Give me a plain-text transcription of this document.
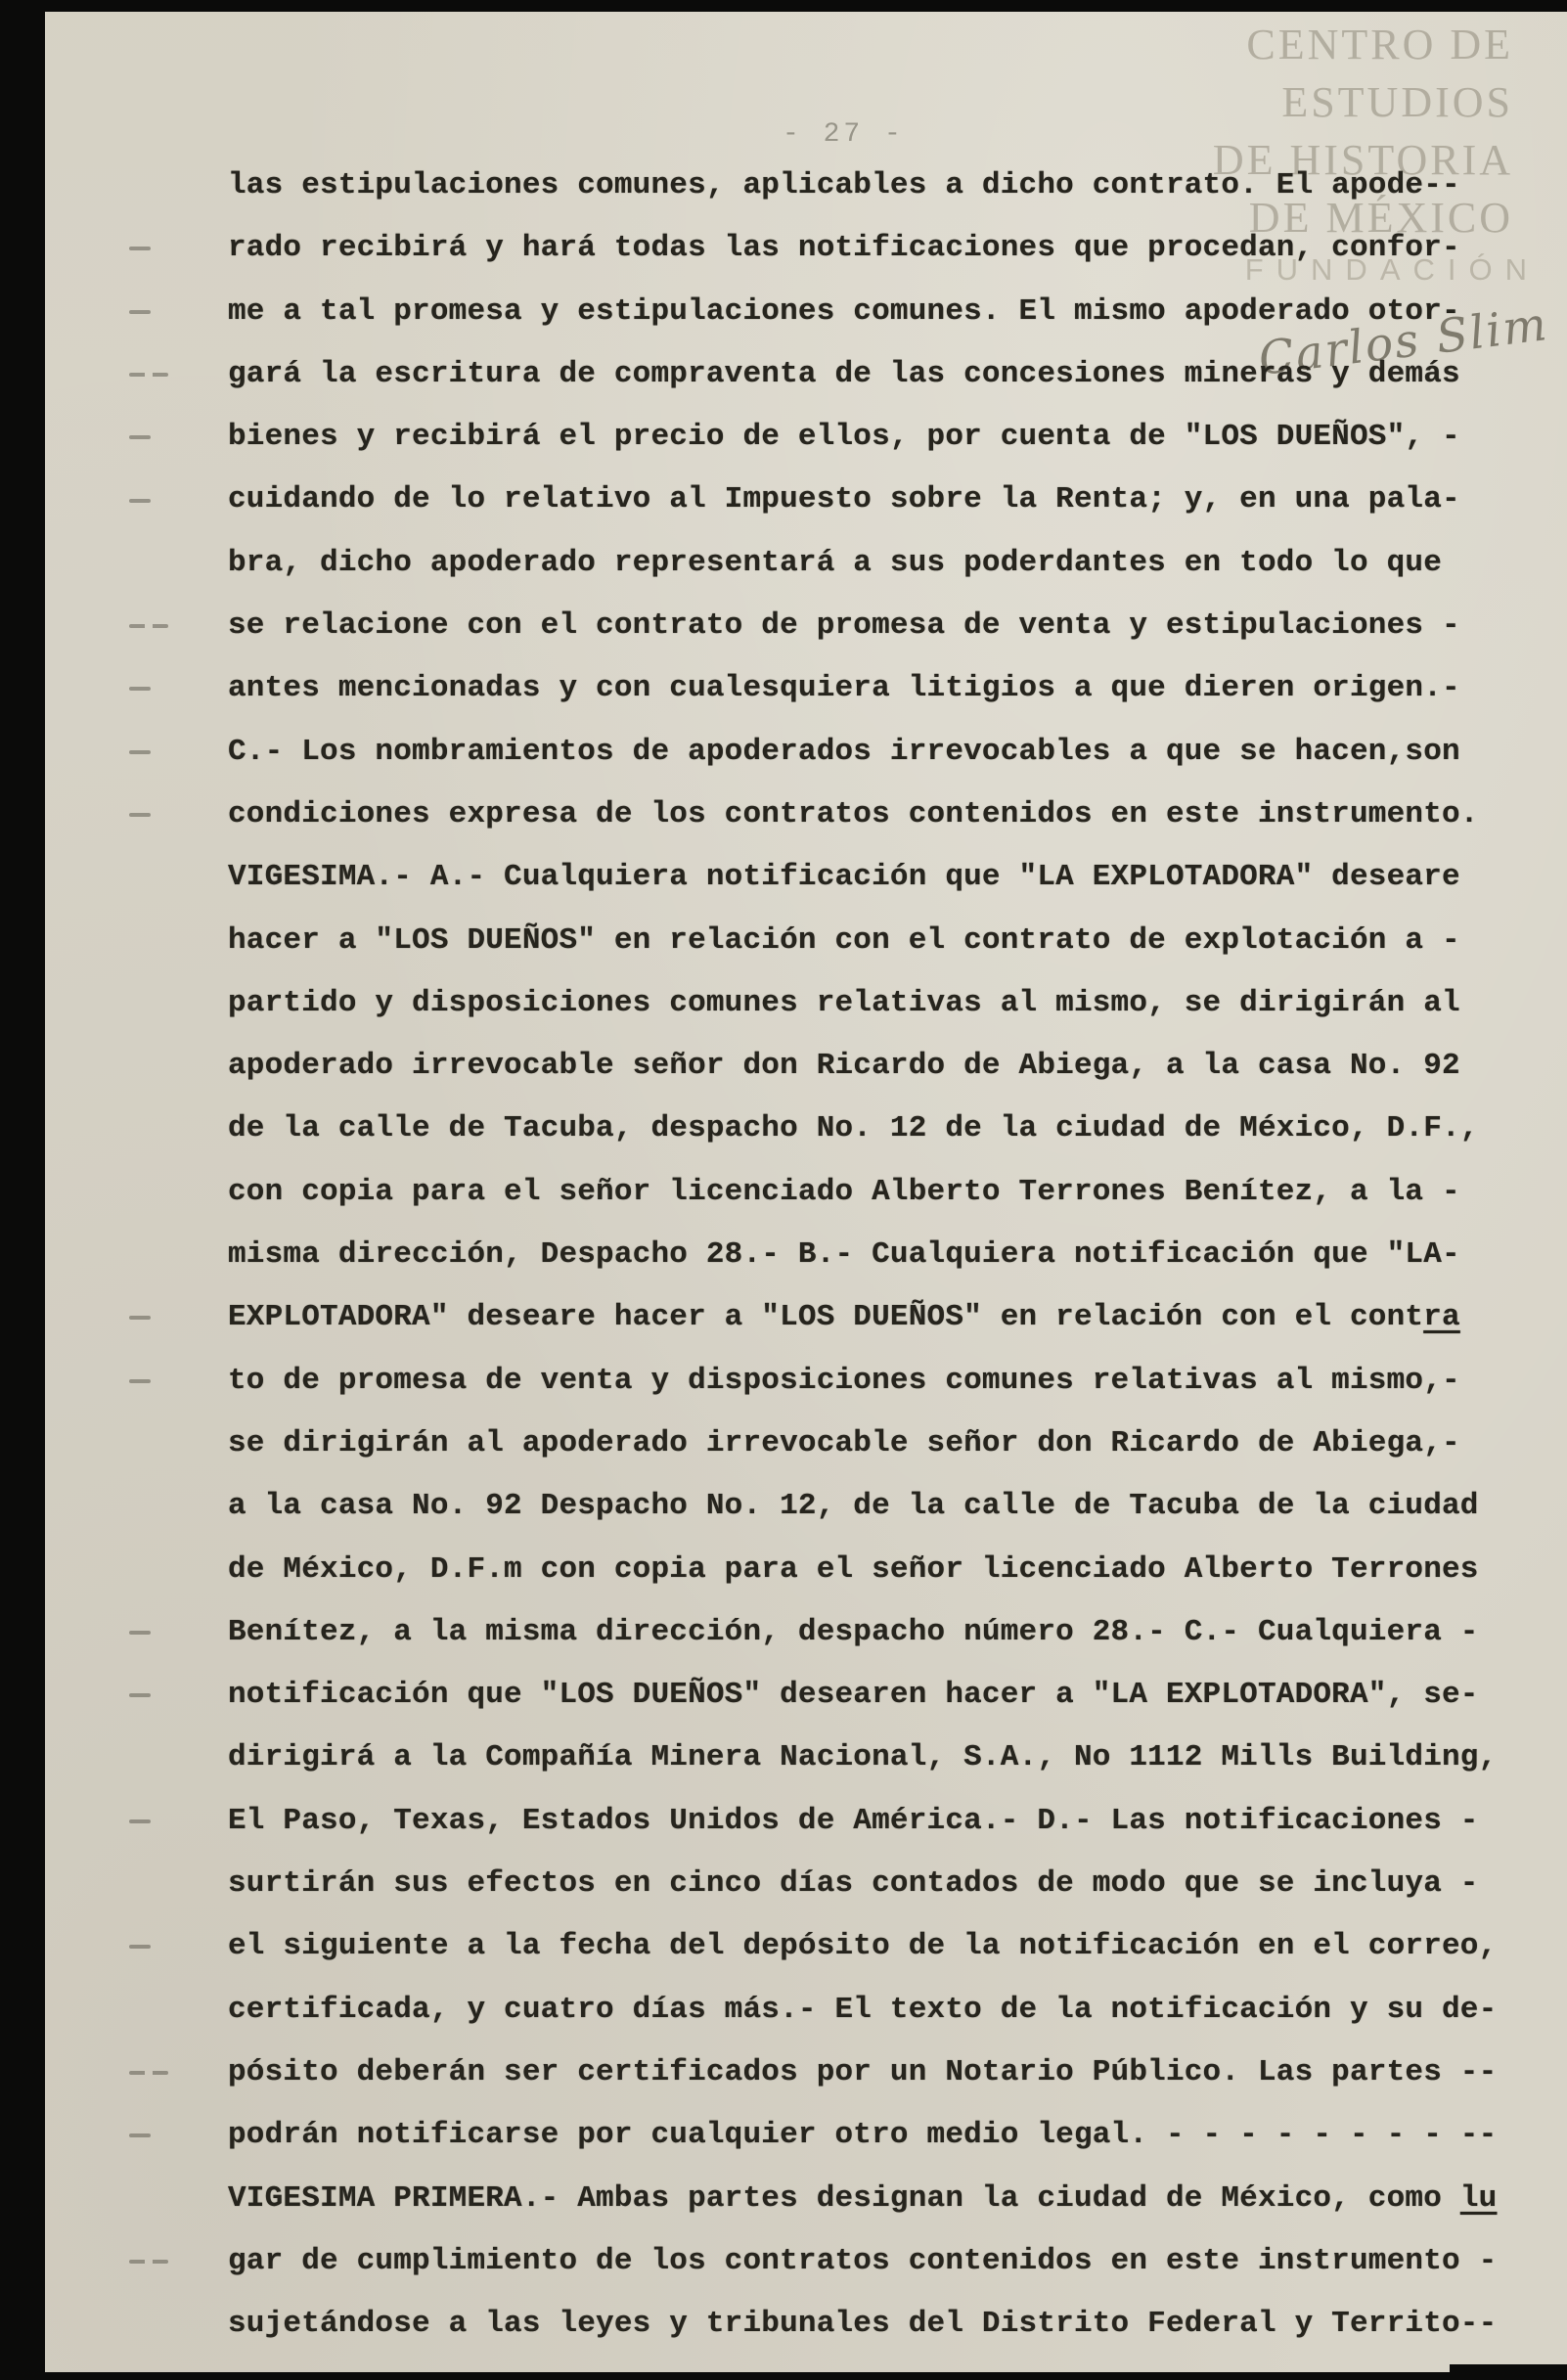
- 27 -
CENTRO DE
ESTUDIOS
DE HISTORIA
DE MÉXICO
FUNDACIÓN
Carlos Slim
las estipulaciones comunes, aplicables a dicho contrato. El apode--
rado recibirá y hará todas las notificaciones que procedan, confor-
me a tal promesa y estipulaciones comunes. El mismo apoderado otor-
gará la escritura de compraventa de las concesiones mineras y demás
bienes y recibirá el precio de ellos, por cuenta de "LOS DUEÑOS", -
cuidando de lo relativo al Impuesto sobre la Renta; y, en una pala-
bra, dicho apoderado representará a sus poderdantes en todo lo que
se relacione con el contrato de promesa de venta y estipulaciones -
antes mencionadas y con cualesquiera litigios a que dieren origen.-
C.- Los nombramientos de apoderados irrevocables a que se hacen,son
condiciones expresa de los contratos contenidos en este instrumento.
VIGESIMA.- A.- Cualquiera notificación que "LA EXPLOTADORA" deseare
hacer a "LOS DUEÑOS" en relación con el contrato de explotación a -
partido y disposiciones comunes relativas al mismo, se dirigirán al
apoderado irrevocable señor don Ricardo de Abiega, a la casa No. 92
de la calle de Tacuba, despacho No. 12 de la ciudad de México, D.F.,
con copia para el señor licenciado Alberto Terrones Benítez, a la -
misma dirección, Despacho 28.- B.- Cualquiera notificación que "LA-
EXPLOTADORA" deseare hacer a "LOS DUEÑOS" en relación con el contra
to de promesa de venta y disposiciones comunes relativas al mismo,-
se dirigirán al apoderado irrevocable señor don Ricardo de Abiega,-
a la casa No. 92 Despacho No. 12, de la calle de Tacuba de la ciudad
de México, D.F.m con copia para el señor licenciado Alberto Terrones
Benítez, a la misma dirección, despacho número 28.- C.- Cualquiera -
notificación que "LOS DUEÑOS" desearen hacer a "LA EXPLOTADORA", se-
dirigirá a la Compañía Minera Nacional, S.A., No 1112 Mills Building,
El Paso, Texas, Estados Unidos de América.- D.- Las notificaciones -
surtirán sus efectos en cinco días contados de modo que se incluya -
el siguiente a la fecha del depósito de la notificación en el correo,
certificada, y cuatro días más.- El texto de la notificación y su de-
pósito deberán ser certificados por un Notario Público. Las partes --
podrán notificarse por cualquier otro medio legal. - - - - - - - - --
VIGESIMA PRIMERA.- Ambas partes designan la ciudad de México, como lu
gar de cumplimiento de los contratos contenidos en este instrumento -
sujetándose a las leyes y tribunales del Distrito Federal y Territo--
